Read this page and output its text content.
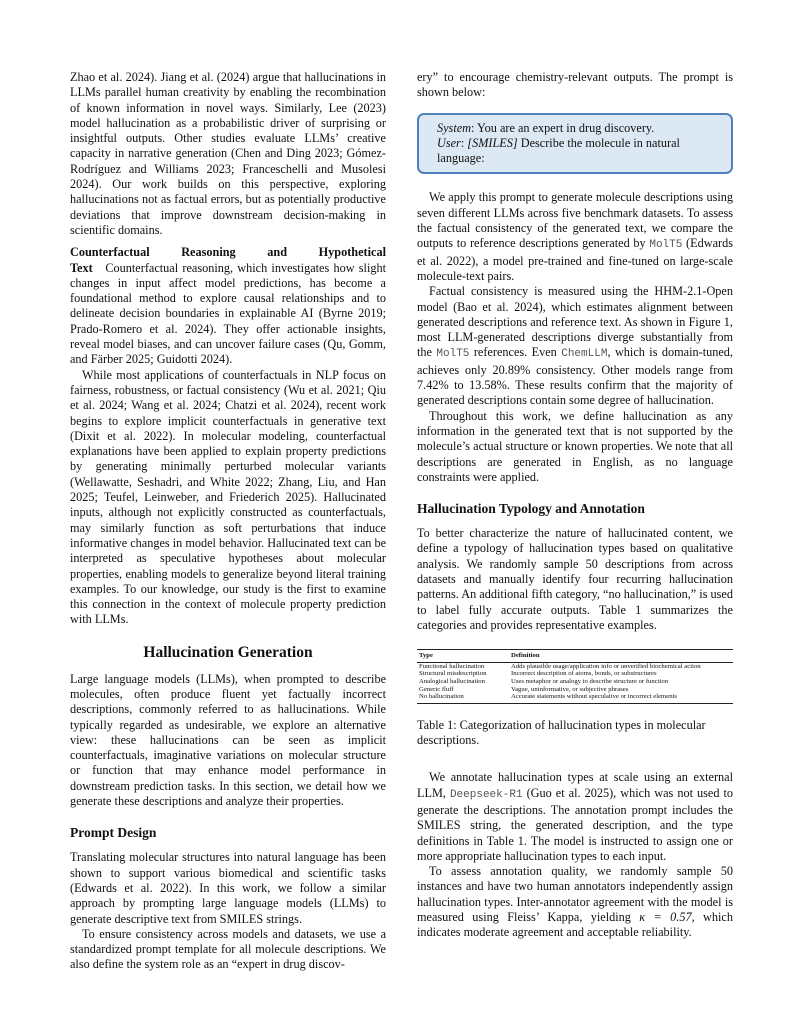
Zhao et al. 2024). Jiang et al. (2024) argue that hallucinations in LLMs parallel human creativity by enabling the recombination of known information in novel ways. Similarly, Lee (2023) model hallucination as a probabilistic driver of surprising or insightful outputs. Other studies evaluate LLMs’ creative capacity in narrative generation (Chen and Ding 2023; Gómez-Rodríguez and Williams 2023; Franceschelli and Musolesi 2024). Our work builds on this perspective, exploring hallucinations not as factual errors, but as potentially productive deviations that improve downstream decision-making in scientific domains.

Counterfactual Reasoning and Hypothetical Text Counterfactual reasoning, which investigates how slight changes in input affect model predictions, has become a foundational method to explore causal relationships and to delineate decision boundaries in explainable AI (Byrne 2019; Prado-Romero et al. 2024). They offer actionable insights, reveal model biases, and can uncover failure cases (Qu, Gomm, and Färber 2025; Guidotti 2024).

While most applications of counterfactuals in NLP focus on fairness, robustness, or factual consistency (Wu et al. 2021; Qiu et al. 2024; Wang et al. 2024; Chatzi et al. 2024), recent work begins to explore implicit counterfactuals in generative text (Dixit et al. 2022). In molecular modeling, counterfactual explanations have been applied to explain property predictions by generating minimally perturbed molecular variants (Wellawatte, Seshadri, and White 2022; Zhang, Liu, and Han 2025; Teufel, Leinweber, and Friederich 2025). Hallucinated inputs, although not explicitly constructed as counterfactuals, may similarly function as soft perturbations that induce informative changes in model behavior. Hallucinated text can be interpreted as speculative hypotheses about molecular properties, enabling models to generalize beyond literal training examples. To our knowledge, our study is the first to examine this connection in the context of molecule property prediction with LLMs.

Hallucination Generation

Large language models (LLMs), when prompted to describe molecules, often produce fluent yet factually incorrect descriptions, commonly referred to as hallucinations. While typically regarded as undesirable, we explore an alternative view: these hallucinations can be seen as implicit counterfactuals, imaginative variations on molecular structure or function that may enhance model performance in downstream prediction tasks. In this section, we detail how we generate these descriptions and analyze their properties.

Prompt Design

Translating molecular structures into natural language has been shown to support various biomedical and scientific tasks (Edwards et al. 2022). In this work, we follow a similar approach by prompting large language models (LLMs) to generate descriptive text from SMILES strings.

To ensure consistency across models and datasets, we use a standardized prompt template for all molecule descriptions. We also define the system role as an “expert in drug discov-

ery” to encourage chemistry-relevant outputs. The prompt is shown below:

System: You are an expert in drug discovery.
User: [SMILES] Describe the molecule in natural language:

We apply this prompt to generate molecule descriptions using seven different LLMs across five benchmark datasets. To assess the factual consistency of the generated text, we compare the outputs to reference descriptions generated by MolT5 (Edwards et al. 2022), a model pre-trained and fine-tuned on large-scale molecule-text pairs.

Factual consistency is measured using the HHM-2.1-Open model (Bao et al. 2024), which estimates alignment between generated descriptions and reference text. As shown in Figure 1, most LLM-generated descriptions diverge substantially from the MolT5 references. Even ChemLLM, which is domain-tuned, achieves only 20.89% consistency. Other models range from 7.42% to 13.58%. These results confirm that the majority of generated descriptions contain some degree of hallucination.

Throughout this work, we define hallucination as any information in the generated text that is not supported by the molecule’s actual structure or known properties. We note that all descriptions are generated in English, as no language constraints were applied.

Hallucination Typology and Annotation

To better characterize the nature of hallucinated content, we define a typology of hallucination types based on qualitative analysis. We randomly sample 50 descriptions from across datasets and manually identify four recurring hallucination patterns. An additional fifth category, “no hallucination,” is used to label fully accurate outputs. Table 1 summarizes the categories and provides representative examples.

Type	Definition
Functional hallucination	Adds plausible usage/application info or unverified biochemical action
Structural misdescription	Incorrect description of atoms, bonds, or substructures
Analogical hallucination	Uses metaphor or analogy to describe structure or function
Generic fluff	Vague, uninformative, or subjective phrases
No hallucination	Accurate statements without speculative or incorrect elements

Table 1: Categorization of hallucination types in molecular descriptions.

We annotate hallucination types at scale using an external LLM, Deepseek-R1 (Guo et al. 2025), which was not used to generate the descriptions. The annotation prompt includes the SMILES string, the generated description, and the type definitions in Table 1. The model is instructed to assign one or more appropriate hallucination types to each input.

To assess annotation quality, we randomly sample 50 instances and have two human annotators independently assign hallucination types. Inter-annotator agreement with the model is measured using Fleiss’ Kappa, yielding κ = 0.57, which indicates moderate agreement and acceptable reliability.
